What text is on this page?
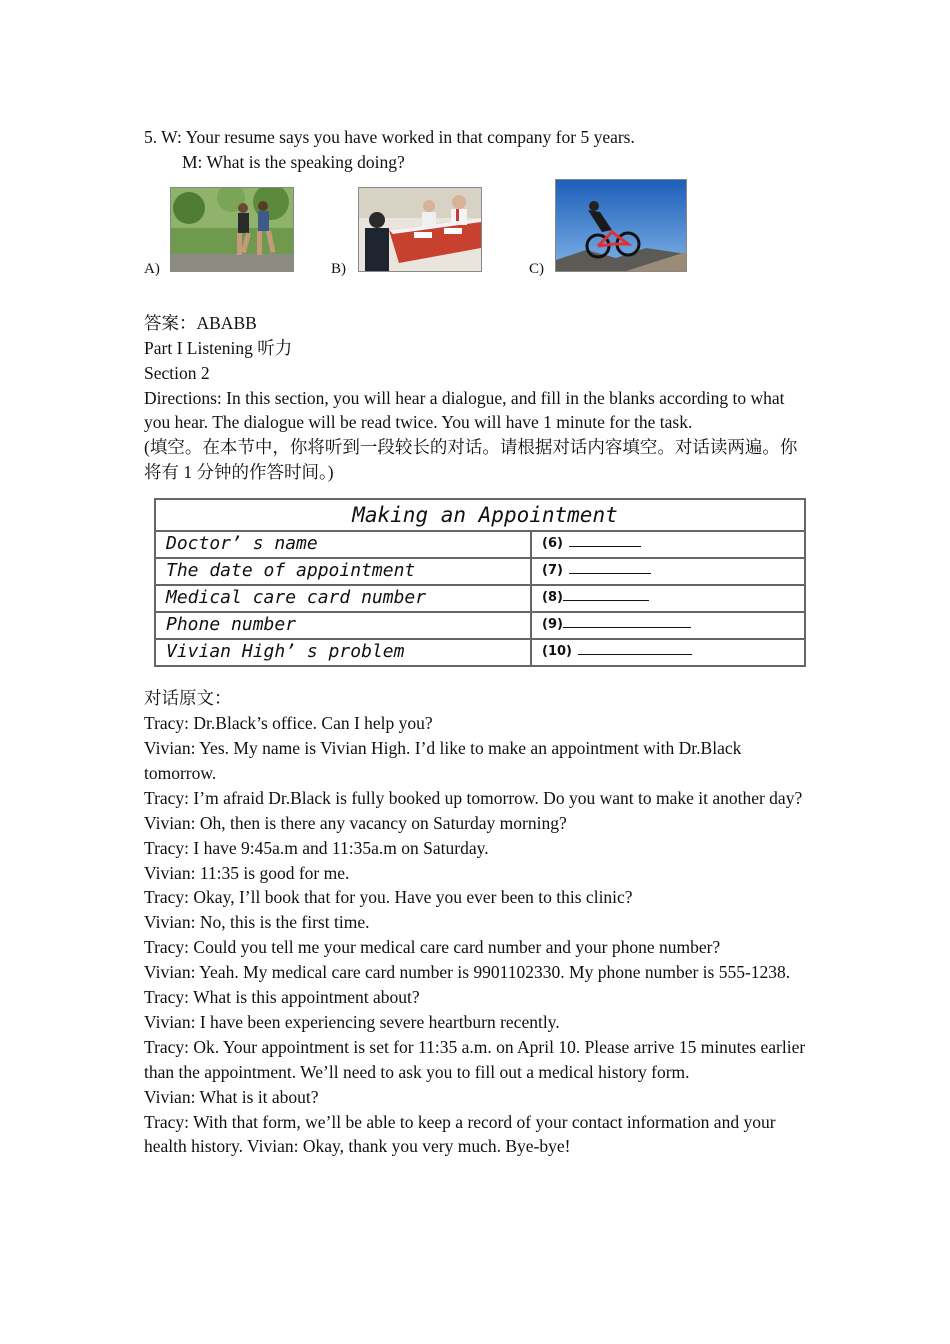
5. W: Your resume says you have worked in that company for 5 years.
M: What is the speaking doing?
A)	B)	C)
答案：ABABB
Part I Listening 听力
Section 2
Directions: In this section, you will hear a dialogue, and fill in the blanks according to what you hear. The dialogue will be read twice. You will have 1 minute for the task.
(填空。在本节中，你将听到一段较长的对话。请根据对话内容填空。对话读两遍。你将有 1 分钟的作答时间。)
Making an Appointment	
Doctor’ s name	(6)
The date of appointment	(7)
Medical care card number	(8)
Phone number	(9)
Vivian High’ s problem	(10)
对话原文：
Tracy: Dr.Black’s office. Can I help you?
Vivian: Yes. My name is Vivian High. I’d like to make an appointment with Dr.Black tomorrow.
Tracy: I’m afraid Dr.Black is fully booked up tomorrow. Do you want to make it another day?
Vivian: Oh, then is there any vacancy on Saturday morning?
Tracy: I have 9:45a.m and 11:35a.m on Saturday.
Vivian: 11:35 is good for me.
Tracy: Okay, I’ll book that for you. Have you ever been to this clinic?
Vivian: No, this is the first time.
Tracy: Could you tell me your medical care card number and your phone number?
Vivian: Yeah. My medical care card number is 9901102330. My phone number is 555-1238.
Tracy: What is this appointment about?
Vivian: I have been experiencing severe heartburn recently.
Tracy: Ok. Your appointment is set for 11:35 a.m. on April 10. Please arrive 15 minutes earlier than the appointment. We’ll need to ask you to fill out a medical history form.
Vivian: What is it about?
Tracy: With that form, we’ll be able to keep a record of your contact information and your health history. Vivian: Okay, thank you very much. Bye-bye!
